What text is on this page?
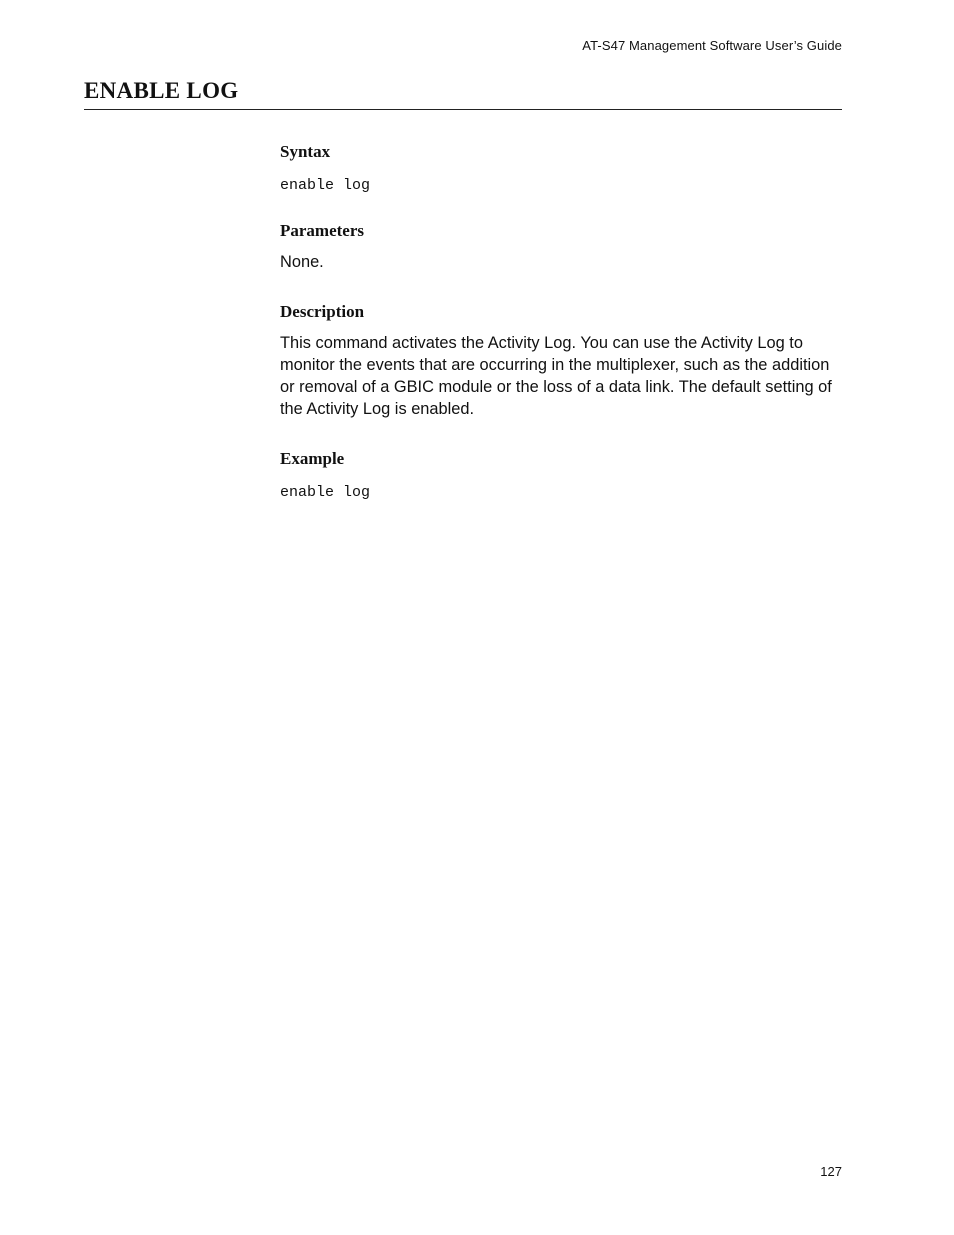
AT-S47 Management Software User’s Guide
ENABLE LOG
Syntax
enable log
Parameters

None.

Description

This command activates the Activity Log. You can use the Activity Log to monitor the events that are occurring in the multiplexer, such as the addition or removal of a GBIC module or the loss of a data link. The default setting of the Activity Log is enabled.

Example
enable log
127
